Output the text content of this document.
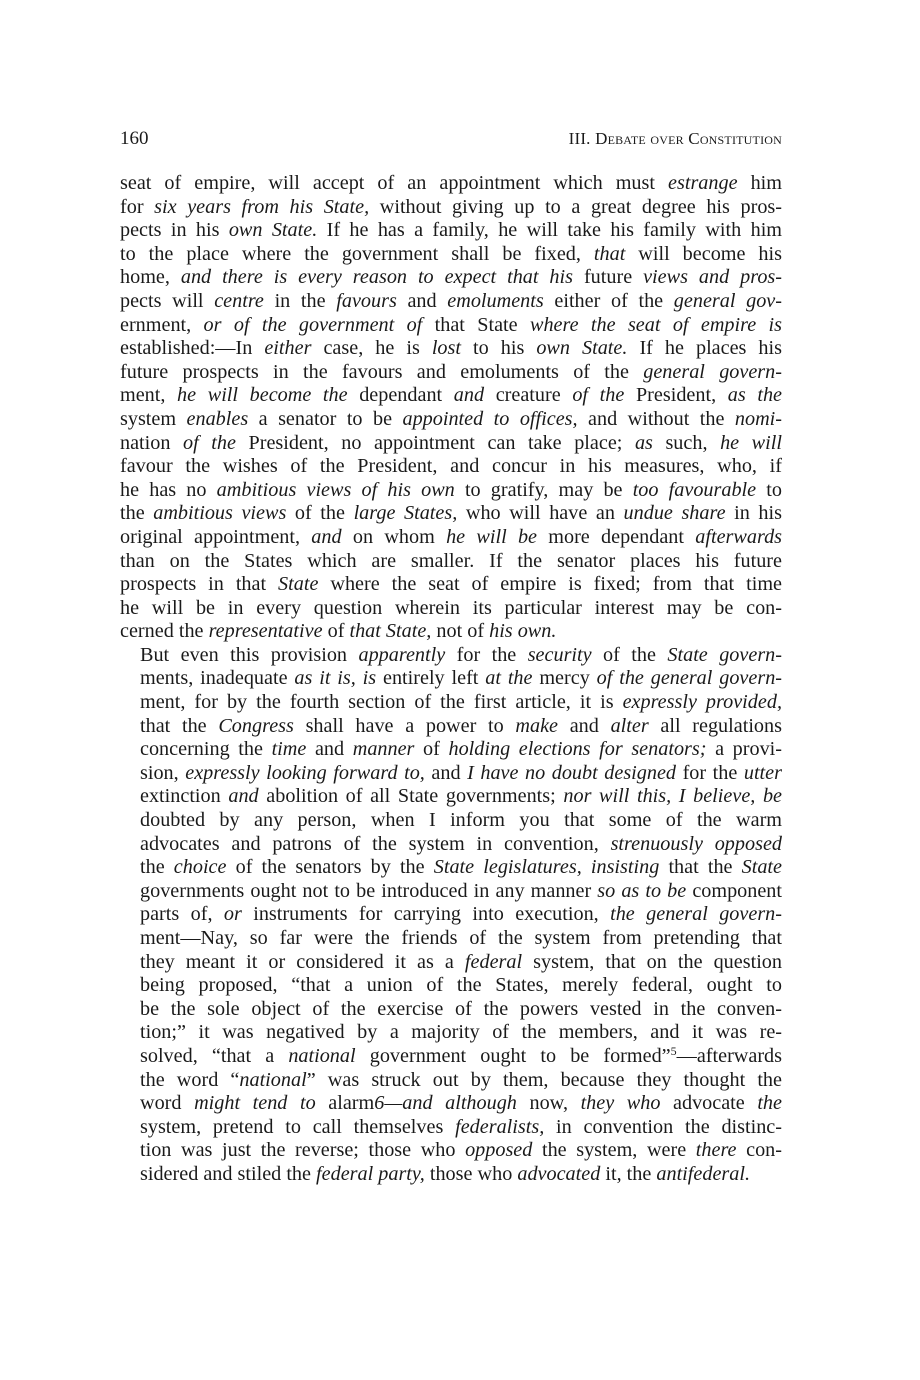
160	III. Debate over Constitution
seat of empire, will accept of an appointment which must estrange him
for six years from his State, without giving up to a great degree his pros-
pects in his own State. If he has a family, he will take his family with him
to the place where the government shall be fixed, that will become his
home, and there is every reason to expect that his future views and pros-
pects will centre in the favours and emoluments either of the general gov-
ernment, or of the government of that State where the seat of empire is
established:—In either case, he is lost to his own State. If he places his
future prospects in the favours and emoluments of the general govern-
ment, he will become the dependant and creature of the President, as the
system enables a senator to be appointed to offices, and without the nomi-
nation of the President, no appointment can take place; as such, he will
favour the wishes of the President, and concur in his measures, who, if
he has no ambitious views of his own to gratify, may be too favourable to
the ambitious views of the large States, who will have an undue share in his
original appointment, and on whom he will be more dependant afterwards
than on the States which are smaller. If the senator places his future
prospects in that State where the seat of empire is fixed; from that time
he will be in every question wherein its particular interest may be con-
cerned the representative of that State, not of his own.
But even this provision apparently for the security of the State govern-
ments, inadequate as it is, is entirely left at the mercy of the general govern-
ment, for by the fourth section of the first article, it is expressly provided,
that the Congress shall have a power to make and alter all regulations
concerning the time and manner of holding elections for senators; a provi-
sion, expressly looking forward to, and I have no doubt designed for the utter
extinction and abolition of all State governments; nor will this, I believe, be
doubted by any person, when I inform you that some of the warm
advocates and patrons of the system in convention, strenuously opposed
the choice of the senators by the State legislatures, insisting that the State
governments ought not to be introduced in any manner so as to be component
parts of, or instruments for carrying into execution, the general govern-
ment—Nay, so far were the friends of the system from pretending that
they meant it or considered it as a federal system, that on the question
being proposed, “that a union of the States, merely federal, ought to
be the sole object of the exercise of the powers vested in the conven-
tion;” it was negatived by a majority of the members, and it was re-
solved, “that a national government ought to be formed”$^5$—afterwards
the word “national” was struck out by them, because they thought the
word might tend to alarm6—and although now, they who advocate the
system, pretend to call themselves federalists, in convention the distinc-
tion was just the reverse; those who opposed the system, were there con-
sidered and stiled the federal party, those who advocated it, the antifederal.
